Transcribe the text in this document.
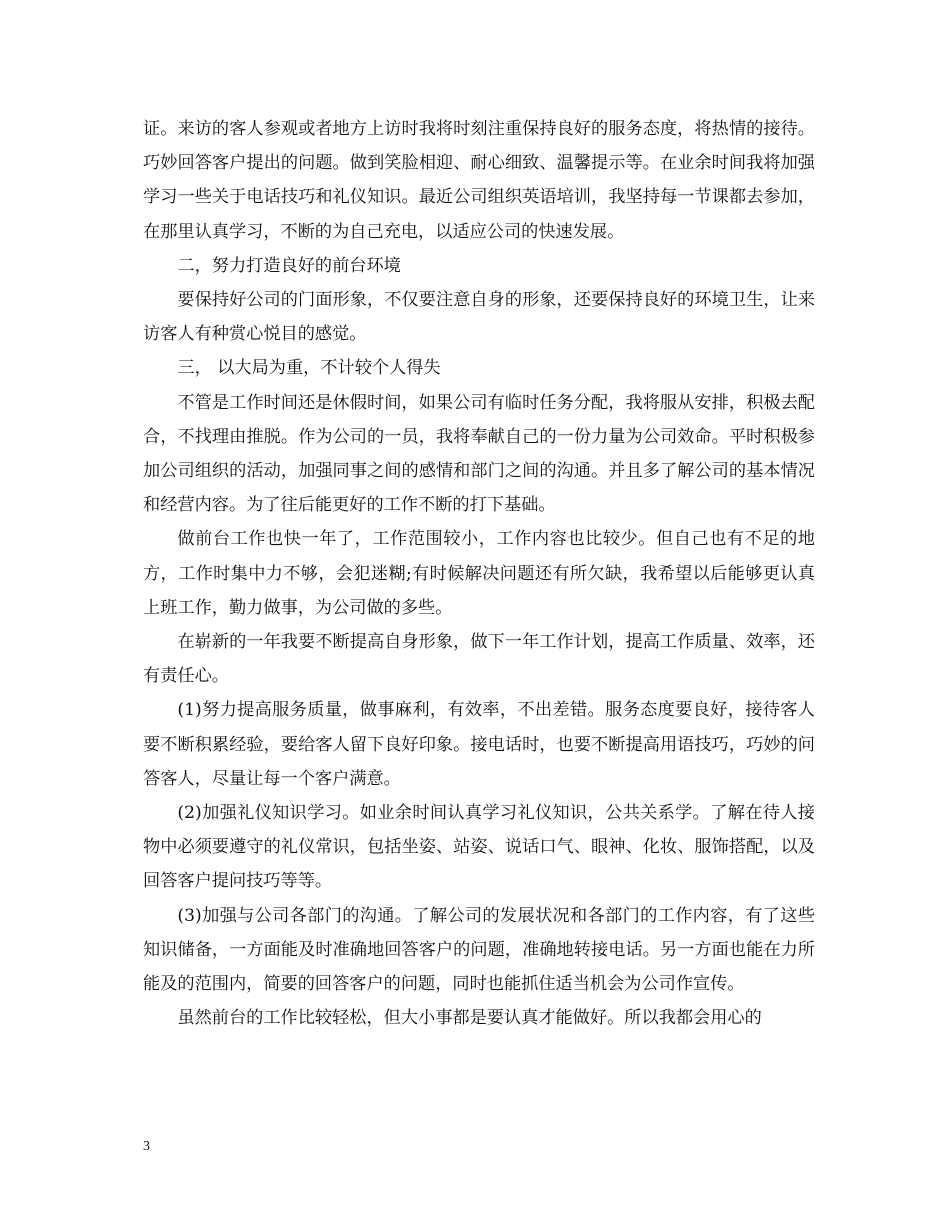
证。来访的客人参观或者地方上访时我将时刻注重保持良好的服务态度，将热情的接待。巧妙回答客户提出的问题。做到笑脸相迎、耐心细致、温馨提示等。在业余时间我将加强学习一些关于电话技巧和礼仪知识。最近公司组织英语培训，我坚持每一节课都去参加，在那里认真学习，不断的为自己充电，以适应公司的快速发展。

二，努力打造良好的前台环境

要保持好公司的门面形象，不仅要注意自身的形象，还要保持良好的环境卫生，让来访客人有种赏心悦目的感觉。

三， 以大局为重，不计较个人得失

不管是工作时间还是休假时间，如果公司有临时任务分配，我将服从安排，积极去配合，不找理由推脱。作为公司的一员，我将奉献自己的一份力量为公司效命。平时积极参加公司组织的活动，加强同事之间的感情和部门之间的沟通。并且多了解公司的基本情况和经营内容。为了往后能更好的工作不断的打下基础。

做前台工作也快一年了，工作范围较小，工作内容也比较少。但自己也有不足的地方，工作时集中力不够，会犯迷糊;有时候解决问题还有所欠缺，我希望以后能够更认真上班工作，勤力做事，为公司做的多些。

在崭新的一年我要不断提高自身形象，做下一年工作计划，提高工作质量、效率，还有责任心。

(1)努力提高服务质量，做事麻利，有效率，不出差错。服务态度要良好，接待客人要不断积累经验，要给客人留下良好印象。接电话时，也要不断提高用语技巧，巧妙的问答客人，尽量让每一个客户满意。

(2)加强礼仪知识学习。如业余时间认真学习礼仪知识，公共关系学。了解在待人接物中必须要遵守的礼仪常识，包括坐姿、站姿、说话口气、眼神、化妆、服饰搭配，以及回答客户提问技巧等等。

(3)加强与公司各部门的沟通。了解公司的发展状况和各部门的工作内容，有了这些知识储备，一方面能及时准确地回答客户的问题，准确地转接电话。另一方面也能在力所能及的范围内，简要的回答客户的问题，同时也能抓住适当机会为公司作宣传。

虽然前台的工作比较轻松，但大小事都是要认真才能做好。所以我都会用心的

3
